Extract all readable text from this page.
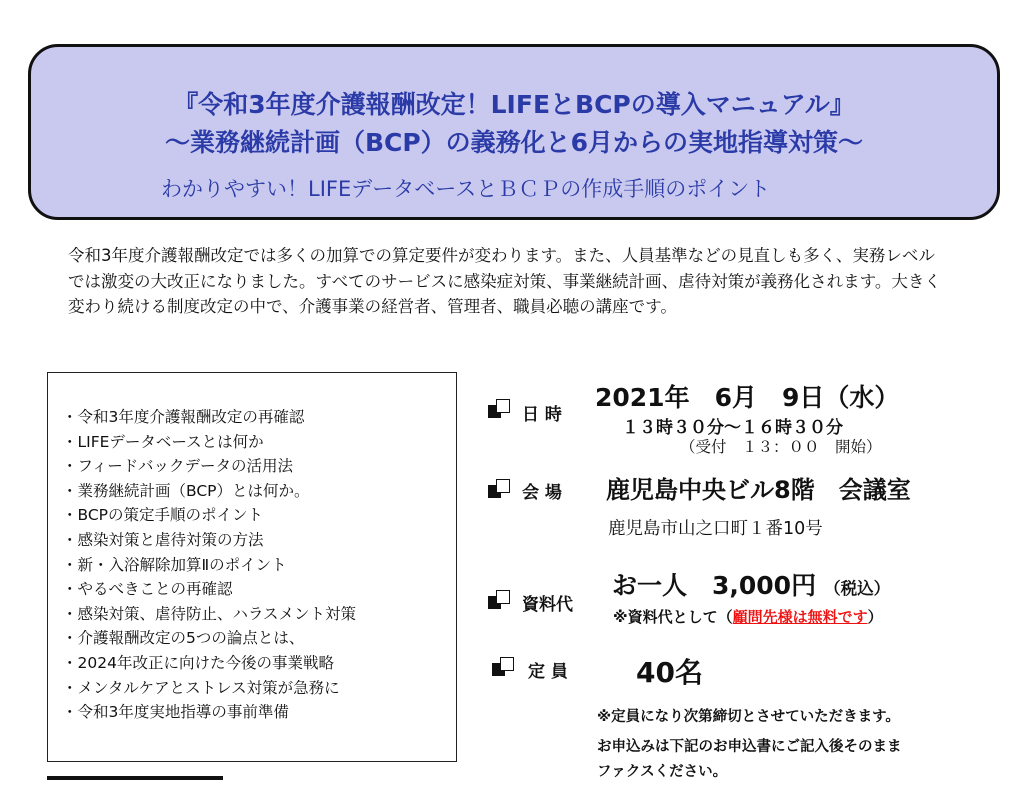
『令和3年度介護報酬改定！LIFEとBCPの導入マニュアル』
～業務継続計画（BCP）の義務化と6月からの実地指導対策～
わかりやすい！LIFEデータベースとＢＣＰの作成手順のポイント
令和3年度介護報酬改定では多くの加算での算定要件が変わります。また、人員基準などの見直しも多く、実務レベルでは激変の大改正になりました。すべてのサービスに感染症対策、事業継続計画、虐待対策が義務化されます。大きく変わり続ける制度改定の中で、介護事業の経営者、管理者、職員必聴の講座です。
・令和3年度介護報酬改定の再確認
・LIFEデータベースとは何か
・フィードバックデータの活用法
・業務継続計画（BCP）とは何か。
・BCPの策定手順のポイント
・感染対策と虐待対策の方法
・新・入浴解除加算Ⅱのポイント
・やるべきことの再確認
・感染対策、虐待防止、ハラスメント対策
・介護報酬改定の5つの論点とは、
・2024年改正に向けた今後の事業戦略
・メンタルケアとストレス対策が急務に
・令和3年度実地指導の事前準備
日 時
2021年　6月　9日（水）
１３時３０分～１６時３０分
（受付　１３：００　開始）
会 場 鹿児島中央ビル8階　会議室
鹿児島市山之口町１番10号
資料代
お一人　3,000円 （税込）
※資料代として（顧問先様は無料です）
定 員 40名
※定員になり次第締切とさせていただきます。
お申込みは下記のお申込書にご記入後そのまま
ファクスください。
